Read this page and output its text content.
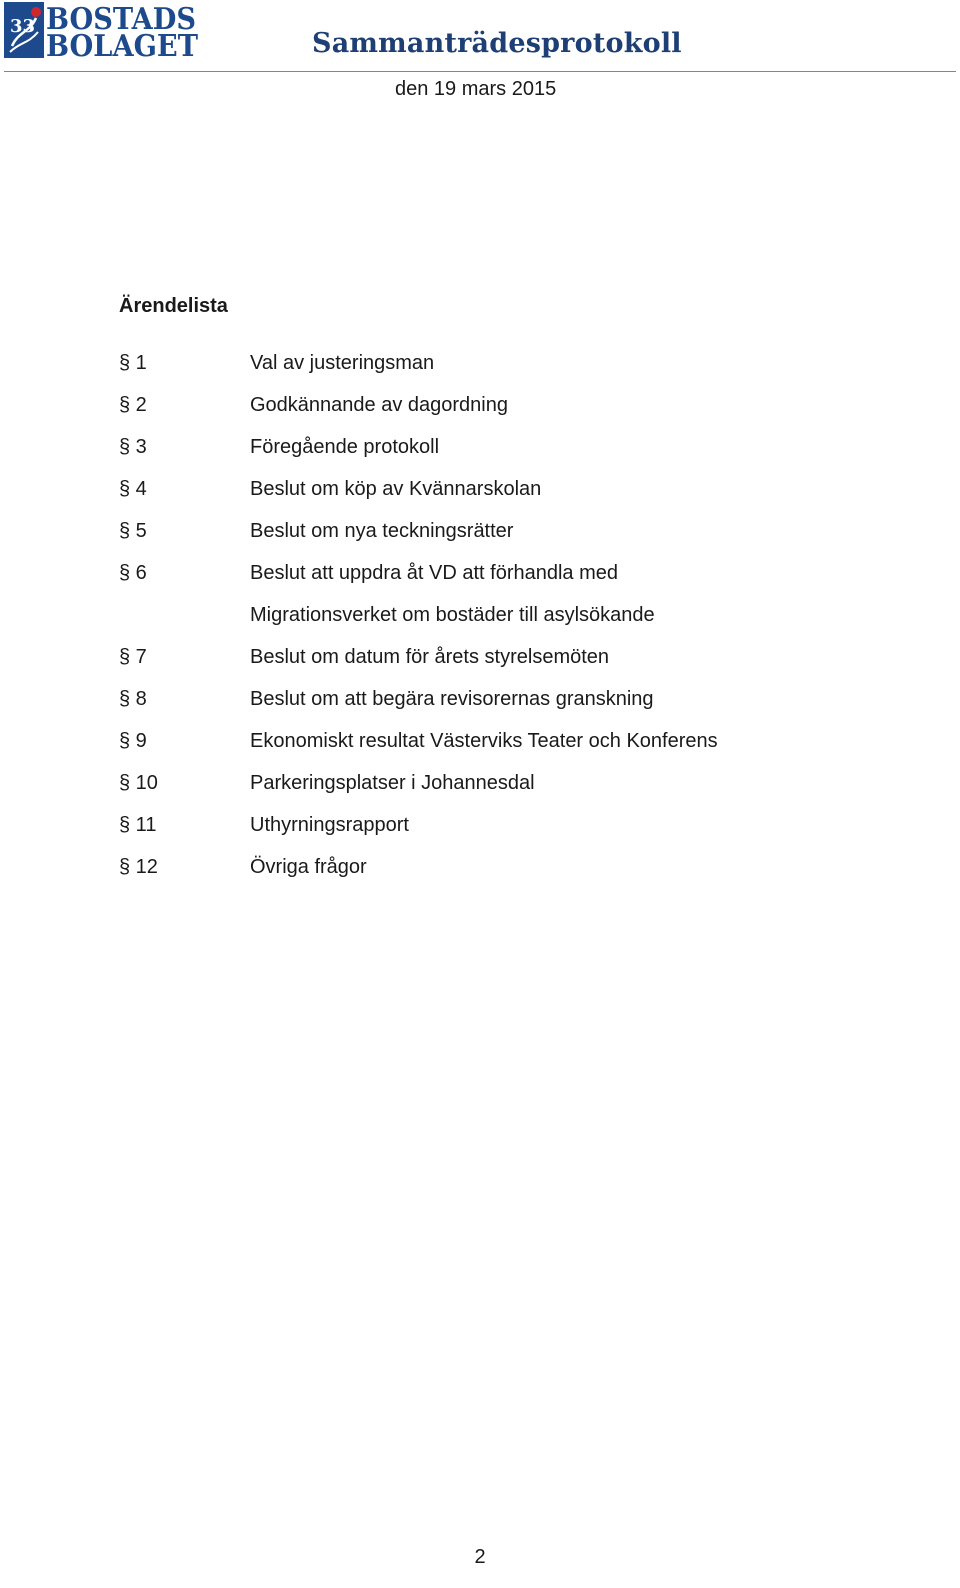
33 BOSTADS
BOLAGET	Sammanträdesprotokoll
den 19 mars 2015
Ärendelista
§ 1	Val av justeringsman
§ 2	Godkännande av dagordning
§ 3	Föregående protokoll
§ 4	Beslut om köp av Kvännarskolan
§ 5	Beslut om nya teckningsrätter
§ 6	Beslut att uppdra åt VD att förhandla med
Migrationsverket om bostäder till asylsökande
§ 7	Beslut om datum för årets styrelsemöten
§ 8	Beslut om att begära revisorernas granskning
§ 9	Ekonomiskt resultat Västerviks Teater och Konferens
§ 10	Parkeringsplatser i Johannesdal
§ 11	Uthyrningsrapport
§ 12	Övriga frågor
2
